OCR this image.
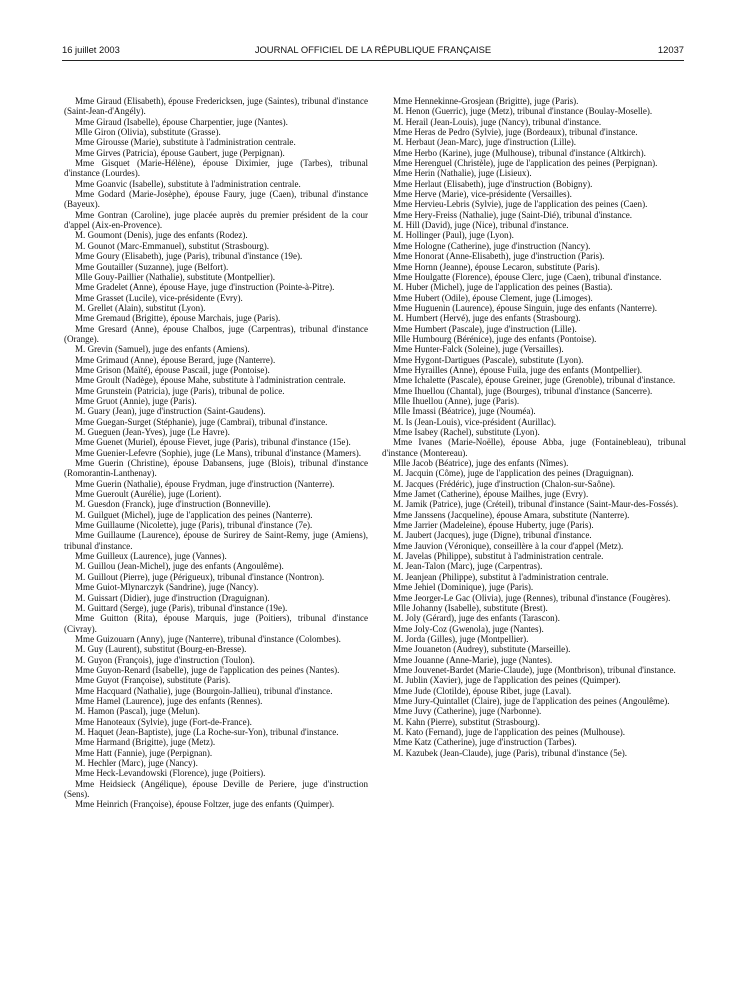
16 juillet 2003	JOURNAL OFFICIEL DE LA RÉPUBLIQUE FRANÇAISE	12037

Mme Giraud (Elisabeth), épouse Fredericksen, juge (Saintes), tribunal d'instance (Saint-Jean-d'Angély).

Mme Giraud (Isabelle), épouse Charpentier, juge (Nantes).

Mlle Giron (Olivia), substitute (Grasse).

Mme Girousse (Marie), substitute à l'administration centrale.

Mme Girves (Patricia), épouse Gaubert, juge (Perpignan).

Mme Gisquet (Marie-Hélène), épouse Diximier, juge (Tarbes), tribunal d'instance (Lourdes).

Mme Goanvic (Isabelle), substitute à l'administration centrale.

Mme Godard (Marie-Josèphe), épouse Faury, juge (Caen), tribunal d'instance (Bayeux).

Mme Gontran (Caroline), juge placée auprès du premier président de la cour d'appel (Aix-en-Provence).

M. Goumont (Denis), juge des enfants (Rodez).

M. Gounot (Marc-Emmanuel), substitut (Strasbourg).

Mme Goury (Elisabeth), juge (Paris), tribunal d'instance (19e).

Mme Goutailler (Suzanne), juge (Belfort).

Mlle Gouy-Paillier (Nathalie), substitute (Montpellier).

Mme Gradelet (Anne), épouse Haye, juge d'instruction (Pointe-à-Pitre).

Mme Grasset (Lucile), vice-présidente (Evry).

M. Grellet (Alain), substitut (Lyon).

Mme Gremaud (Brigitte), épouse Marchais, juge (Paris).

Mme Gresard (Anne), épouse Chalbos, juge (Carpentras), tribunal d'instance (Orange).

M. Grevin (Samuel), juge des enfants (Amiens).

Mme Grimaud (Anne), épouse Berard, juge (Nanterre).

Mme Grison (Maïté), épouse Pascail, juge (Pontoise).

Mme Groult (Nadège), épouse Mahe, substitute à l'administration centrale.

Mme Grunstein (Patricia), juge (Paris), tribunal de police.

Mme Gruot (Annie), juge (Paris).

M. Guary (Jean), juge d'instruction (Saint-Gaudens).

Mme Guegan-Surget (Stéphanie), juge (Cambrai), tribunal d'instance.

M. Gueguen (Jean-Yves), juge (Le Havre).

Mme Guenet (Muriel), épouse Fievet, juge (Paris), tribunal d'instance (15e).

Mme Guenier-Lefevre (Sophie), juge (Le Mans), tribunal d'instance (Mamers).

Mme Guerin (Christine), épouse Dabansens, juge (Blois), tribunal d'instance (Romorantin-Lanthenay).

Mme Guerin (Nathalie), épouse Frydman, juge d'instruction (Nanterre).

Mme Gueroult (Aurélie), juge (Lorient).

M. Guesdon (Franck), juge d'instruction (Bonneville).

M. Guilguet (Michel), juge de l'application des peines (Nanterre).

Mme Guillaume (Nicolette), juge (Paris), tribunal d'instance (7e).

Mme Guillaume (Laurence), épouse de Surirey de Saint-Remy, juge (Amiens), tribunal d'instance.

Mme Guilleux (Laurence), juge (Vannes).

M. Guillou (Jean-Michel), juge des enfants (Angoulême).

M. Guillout (Pierre), juge (Périgueux), tribunal d'instance (Nontron).

Mme Guiot-Mlynarczyk (Sandrine), juge (Nancy).

M. Guissart (Didier), juge d'instruction (Draguignan).

M. Guittard (Serge), juge (Paris), tribunal d'instance (19e).

Mme Guitton (Rita), épouse Marquis, juge (Poitiers), tribunal d'instance (Civray).

Mme Guizouarn (Anny), juge (Nanterre), tribunal d'instance (Colombes).

M. Guy (Laurent), substitut (Bourg-en-Bresse).

M. Guyon (François), juge d'instruction (Toulon).

Mme Guyon-Renard (Isabelle), juge de l'application des peines (Nantes).

Mme Guyot (Françoise), substitute (Paris).

Mme Hacquard (Nathalie), juge (Bourgoin-Jallieu), tribunal d'instance.

Mme Hamel (Laurence), juge des enfants (Rennes).

M. Hamon (Pascal), juge (Melun).

Mme Hanoteaux (Sylvie), juge (Fort-de-France).

M. Haquet (Jean-Baptiste), juge (La Roche-sur-Yon), tribunal d'instance.

Mme Harmand (Brigitte), juge (Metz).

Mme Hatt (Fannie), juge (Perpignan).

M. Hechler (Marc), juge (Nancy).

Mme Heck-Levandowski (Florence), juge (Poitiers).

Mme Heidsieck (Angélique), épouse Deville de Periere, juge d'instruction (Sens).

Mme Heinrich (Françoise), épouse Foltzer, juge des enfants (Quimper).

Mme Hennekinne-Grosjean (Brigitte), juge (Paris).

M. Henon (Guerric), juge (Metz), tribunal d'instance (Boulay-Moselle).

M. Herail (Jean-Louis), juge (Nancy), tribunal d'instance.

Mme Heras de Pedro (Sylvie), juge (Bordeaux), tribunal d'instance.

M. Herbaut (Jean-Marc), juge d'instruction (Lille).

Mme Herbo (Karine), juge (Mulhouse), tribunal d'instance (Altkirch).

Mme Herenguel (Christèle), juge de l'application des peines (Perpignan).

Mme Herin (Nathalie), juge (Lisieux).

Mme Herlaut (Elisabeth), juge d'instruction (Bobigny).

Mme Herve (Marie), vice-présidente (Versailles).

Mme Hervieu-Lebris (Sylvie), juge de l'application des peines (Caen).

Mme Hery-Freiss (Nathalie), juge (Saint-Dié), tribunal d'instance.

M. Hill (David), juge (Nice), tribunal d'instance.

M. Hollinger (Paul), juge (Lyon).

Mme Hologne (Catherine), juge d'instruction (Nancy).

Mme Honorat (Anne-Elisabeth), juge d'instruction (Paris).

Mme Hornn (Jeanne), épouse Lecaron, substitute (Paris).

Mme Houlgatte (Florence), épouse Clerc, juge (Caen), tribunal d'instance.

M. Huber (Michel), juge de l'application des peines (Bastia).

Mme Hubert (Odile), épouse Clement, juge (Limoges).

Mme Huguenin (Laurence), épouse Singuin, juge des enfants (Nanterre).

M. Humbert (Hervé), juge des enfants (Strasbourg).

Mme Humbert (Pascale), juge d'instruction (Lille).

Mlle Humbourg (Bérénice), juge des enfants (Pontoise).

Mme Hunter-Falck (Soleine), juge (Versailles).

Mme Hygont-Dartigues (Pascale), substitute (Lyon).

Mme Hyrailles (Anne), épouse Fuila, juge des enfants (Montpellier).

Mme Ichalette (Pascale), épouse Greiner, juge (Grenoble), tribunal d'instance.

Mme Ihuellou (Chantal), juge (Bourges), tribunal d'instance (Sancerre).

Mlle Ihuellou (Anne), juge (Paris).

Mlle Imassi (Béatrice), juge (Nouméa).

M. Is (Jean-Louis), vice-président (Aurillac).

Mme Isabey (Rachel), substitute (Lyon).

Mme Ivanes (Marie-Noëlle), épouse Abba, juge (Fontainebleau), tribunal d'instance (Montereau).

Mlle Jacob (Béatrice), juge des enfants (Nîmes).

M. Jacquin (Côme), juge de l'application des peines (Draguignan).

M. Jacques (Frédéric), juge d'instruction (Chalon-sur-Saône).

Mme Jamet (Catherine), épouse Mailhes, juge (Evry).

M. Jamik (Patrice), juge (Créteil), tribunal d'instance (Saint-Maur-des-Fossés).

Mme Janssens (Jacqueline), épouse Amara, substitute (Nanterre).

Mme Jarrier (Madeleine), épouse Huberty, juge (Paris).

M. Jaubert (Jacques), juge (Digne), tribunal d'instance.

Mme Jauvion (Véronique), conseillère à la cour d'appel (Metz).

M. Javelas (Philippe), substitut à l'administration centrale.

M. Jean-Talon (Marc), juge (Carpentras).

M. Jeanjean (Philippe), substitut à l'administration centrale.

Mme Jehiel (Dominique), juge (Paris).

Mme Jeorger-Le Gac (Olivia), juge (Rennes), tribunal d'instance (Fougères).

Mlle Johanny (Isabelle), substitute (Brest).

M. Joly (Gérard), juge des enfants (Tarascon).

Mme Joly-Coz (Gwenola), juge (Nantes).

M. Jorda (Gilles), juge (Montpellier).

Mme Jouaneton (Audrey), substitute (Marseille).

Mme Jouanne (Anne-Marie), juge (Nantes).

Mme Jouvenet-Bardet (Marie-Claude), juge (Montbrison), tribunal d'instance.

M. Jublin (Xavier), juge de l'application des peines (Quimper).

Mme Jude (Clotilde), épouse Ribet, juge (Laval).

Mme Jury-Quintallet (Claire), juge de l'application des peines (Angoulême).

Mme Juvy (Catherine), juge (Narbonne).

M. Kahn (Pierre), substitut (Strasbourg).

M. Kato (Fernand), juge de l'application des peines (Mulhouse).

Mme Katz (Catherine), juge d'instruction (Tarbes).

M. Kazubek (Jean-Claude), juge (Paris), tribunal d'instance (5e).
